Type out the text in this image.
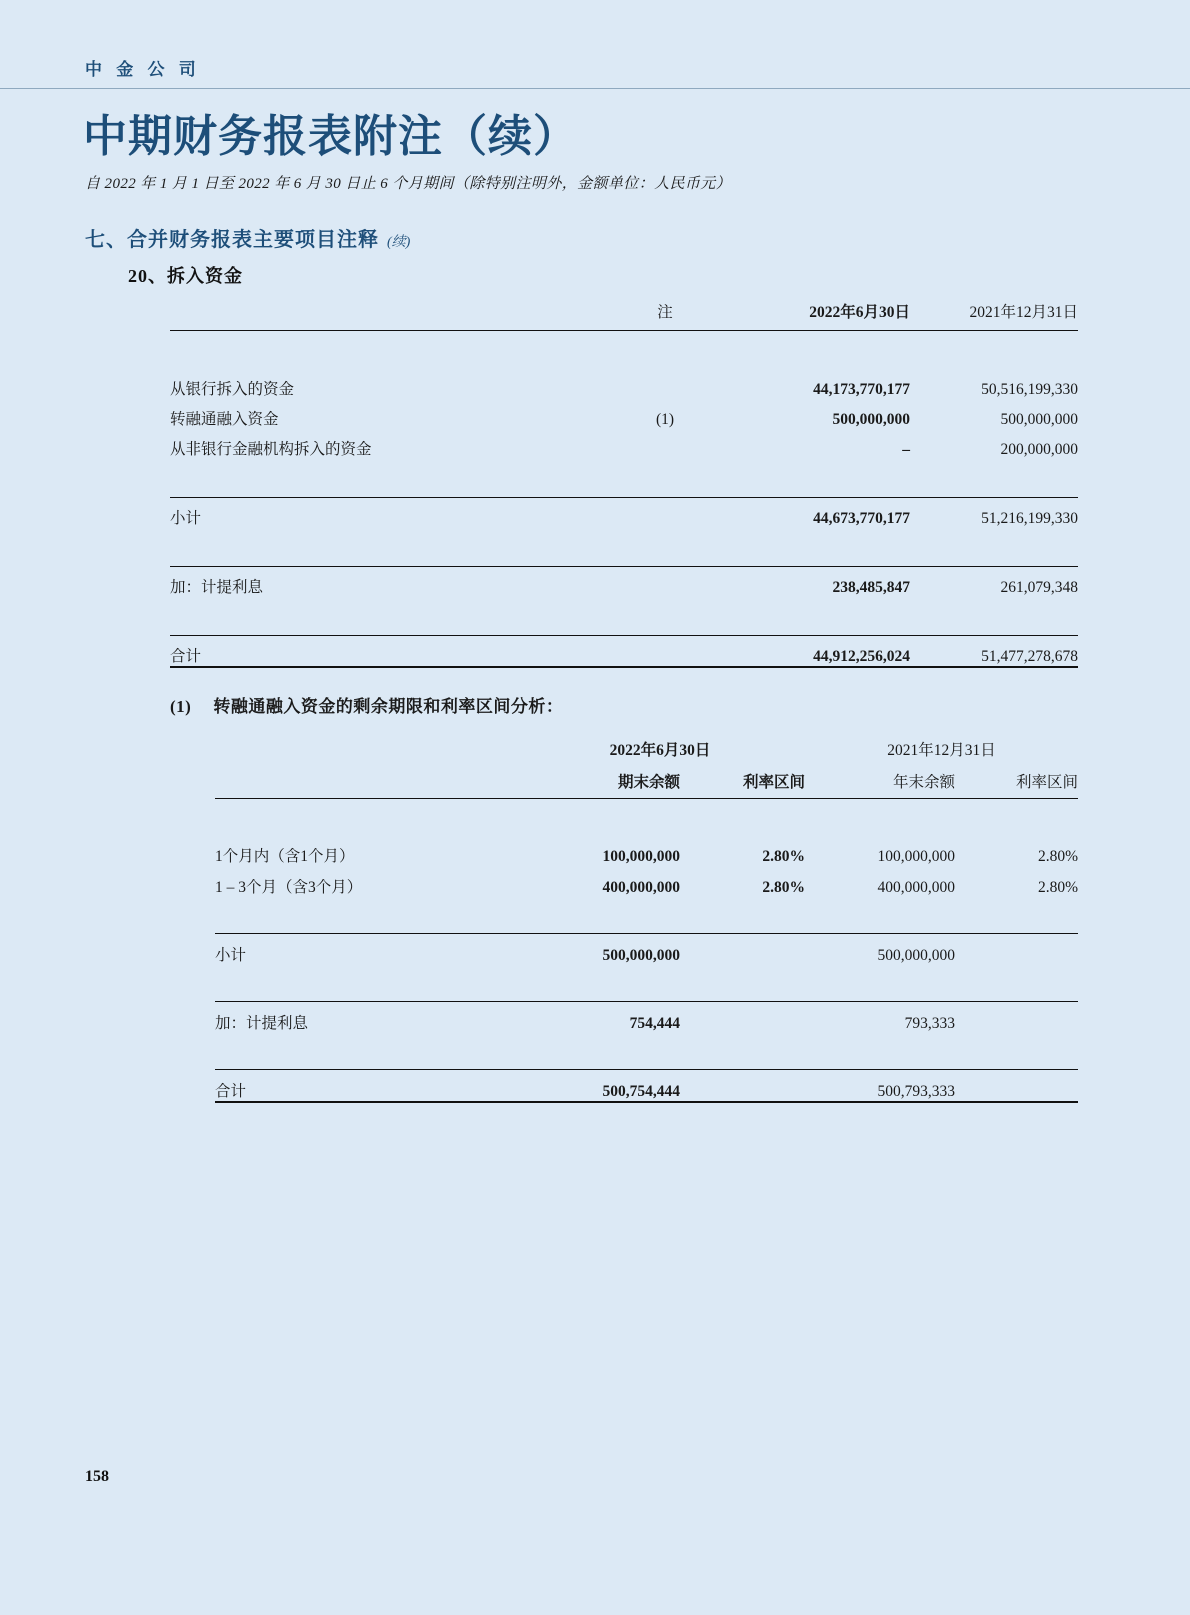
中 金 公 司
中期财务报表附注（续）
自 2022 年 1 月 1 日至 2022 年 6 月 30 日止 6 个月期间（除特别注明外，金额单位：人民币元）
七、合并财务报表主要项目注释 (续)
20、拆入资金
	注	2022年6月30日	2021年12月31日

从银行拆入的资金		44,173,770,177	50,516,199,330
转融通融入资金	(1)	500,000,000	500,000,000
从非银行金融机构拆入的资金		–	200,000,000

小计		44,673,770,177	51,216,199,330

加：计提利息		238,485,847	261,079,348

合计		44,912,256,024	51,477,278,678
(1) 转融通融入资金的剩余期限和利率区间分析：
	2022年6月30日		2021年12月31日	
	期末余额	利率区间	年末余额	利率区间

1个月内（含1个月）	100,000,000	2.80%	100,000,000	2.80%
1 – 3个月（含3个月）	400,000,000	2.80%	400,000,000	2.80%

小计	500,000,000		500,000,000	

加：计提利息	754,444		793,333	

合计	500,754,444		500,793,333	
158
